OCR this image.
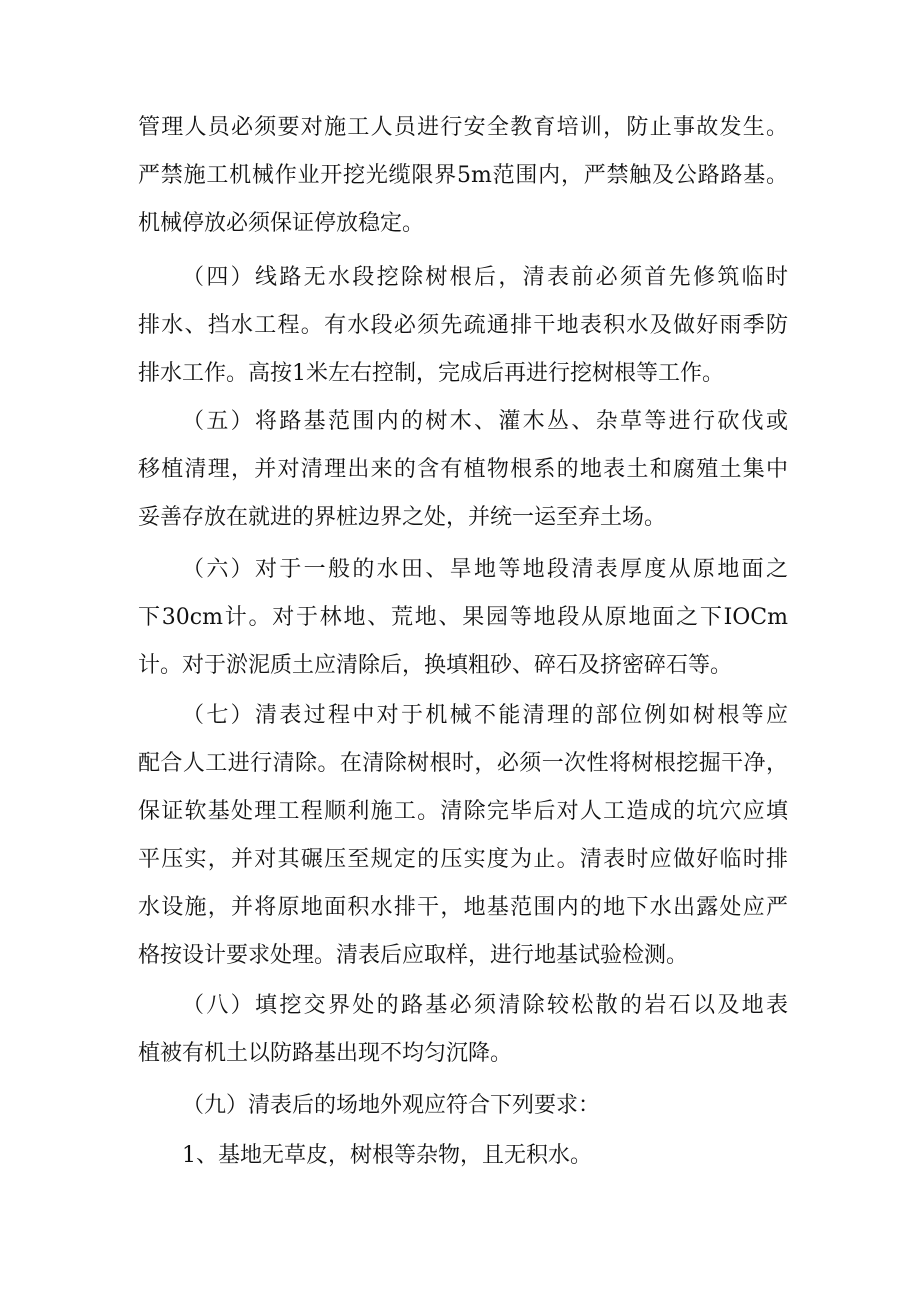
管理人员必须要对施工人员进行安全教育培训，防止事故发生。
严禁施工机械作业开挖光缆限界5m范围内，严禁触及公路路基。
机械停放必须保证停放稳定。
（四）线路无水段挖除树根后，清表前必须首先修筑临时
排水、挡水工程。有水段必须先疏通排干地表积水及做好雨季防
排水工作。高按1米左右控制，完成后再进行挖树根等工作。
（五）将路基范围内的树木、灌木丛、杂草等进行砍伐或
移植清理，并对清理出来的含有植物根系的地表土和腐殖土集中
妥善存放在就进的界桩边界之处，并统一运至弃土场。
（六）对于一般的水田、旱地等地段清表厚度从原地面之
下30cm计。对于林地、荒地、果园等地段从原地面之下IOCm
计。对于淤泥质土应清除后，换填粗砂、碎石及挤密碎石等。
（七）清表过程中对于机械不能清理的部位例如树根等应
配合人工进行清除。在清除树根时，必须一次性将树根挖掘干净，
保证软基处理工程顺利施工。清除完毕后对人工造成的坑穴应填
平压实，并对其碾压至规定的压实度为止。清表时应做好临时排
水设施，并将原地面积水排干，地基范围内的地下水出露处应严
格按设计要求处理。清表后应取样，进行地基试验检测。
（八）填挖交界处的路基必须清除较松散的岩石以及地表
植被有机土以防路基出现不均匀沉降。
（九）清表后的场地外观应符合下列要求：
1、基地无草皮，树根等杂物，且无积水。
